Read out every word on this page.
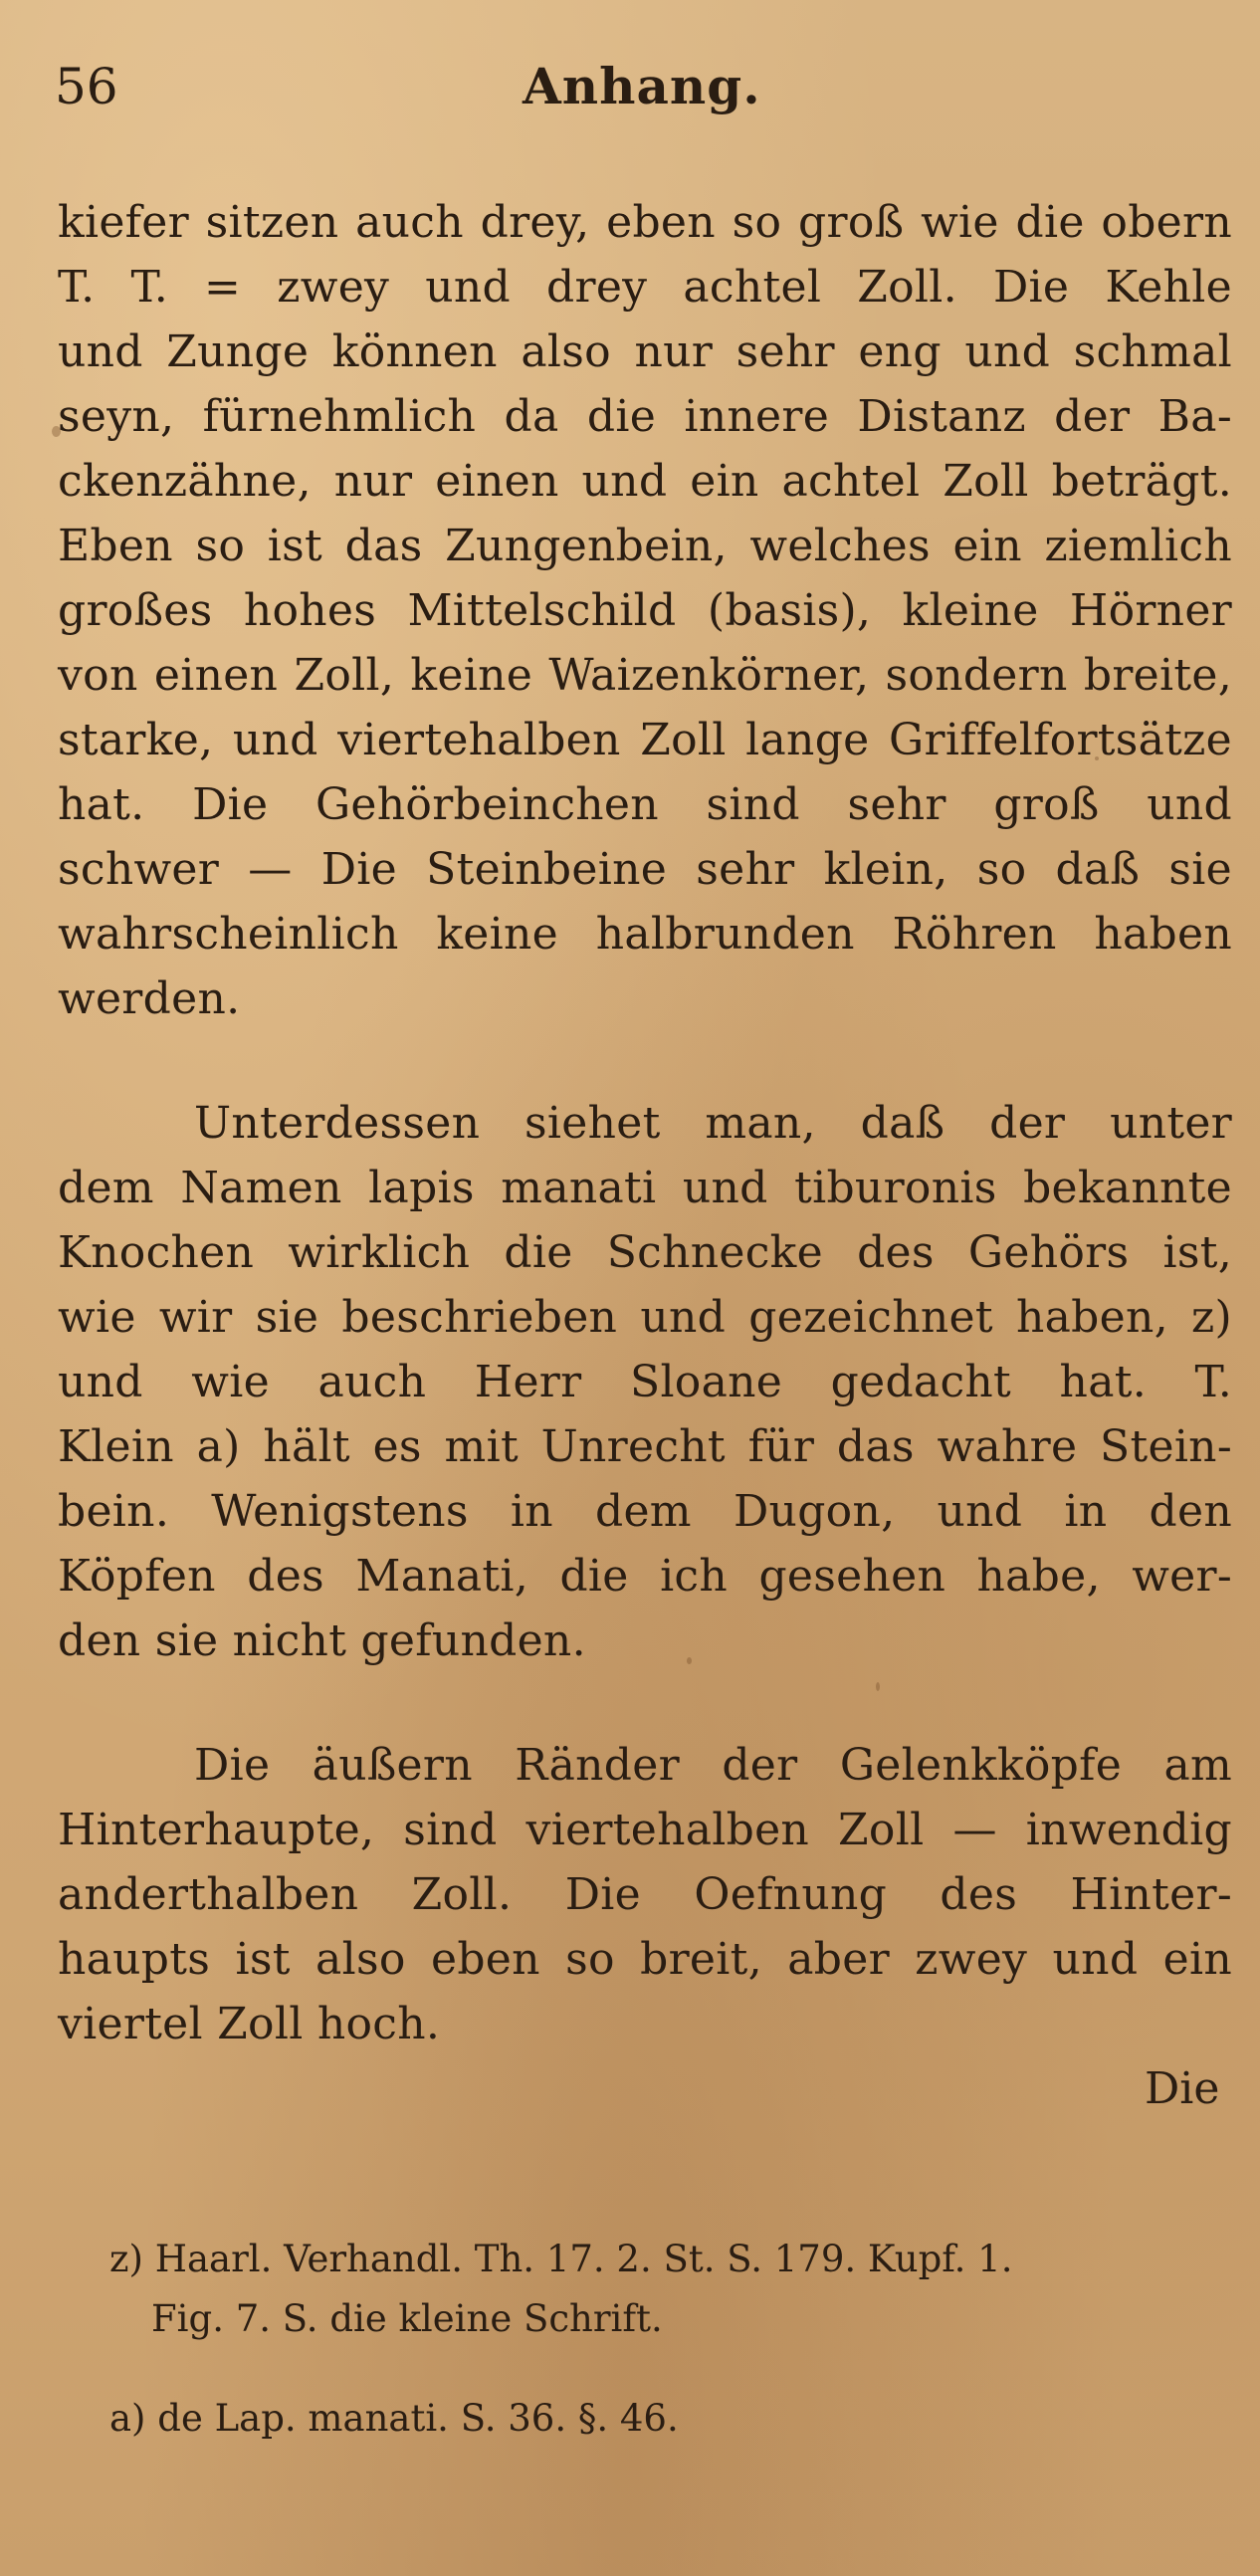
56	Anhang.
kiefer sitzen auch drey, eben so groß wie die obern
T. T. = zwey und drey achtel Zoll. Die Kehle
und Zunge können also nur sehr eng und schmal
seyn, fürnehmlich da die innere Distanz der Ba-
ckenzähne, nur einen und ein achtel Zoll beträgt.
Eben so ist das Zungenbein, welches ein ziemlich
großes hohes Mittelschild (basis), kleine Hörner
von einen Zoll, keine Waizenkörner, sondern breite,
starke, und viertehalben Zoll lange Griffelfortsätze
hat. Die Gehörbeinchen sind sehr groß und
schwer — Die Steinbeine sehr klein, so daß sie
wahrscheinlich keine halbrunden Röhren haben
werden.
Unterdessen siehet man, daß der unter
dem Namen lapis manati und tiburonis bekannte
Knochen wirklich die Schnecke des Gehörs ist,
wie wir sie beschrieben und gezeichnet haben, z)
und wie auch Herr Sloane gedacht hat. T.
Klein a) hält es mit Unrecht für das wahre Stein-
bein. Wenigstens in dem Dugon, und in den
Köpfen des Manati, die ich gesehen habe, wer-
den sie nicht gefunden.
Die äußern Ränder der Gelenkköpfe am
Hinterhaupte, sind viertehalben Zoll — inwendig
anderthalben Zoll. Die Oefnung des Hinter-
haupts ist also eben so breit, aber zwey und ein
viertel Zoll hoch.
Die
z) Haarl. Verhandl. Th. 17. 2. St. S. 179. Kupf. 1.
Fig. 7. S. die kleine Schrift.
a) de Lap. manati. S. 36. §. 46.
